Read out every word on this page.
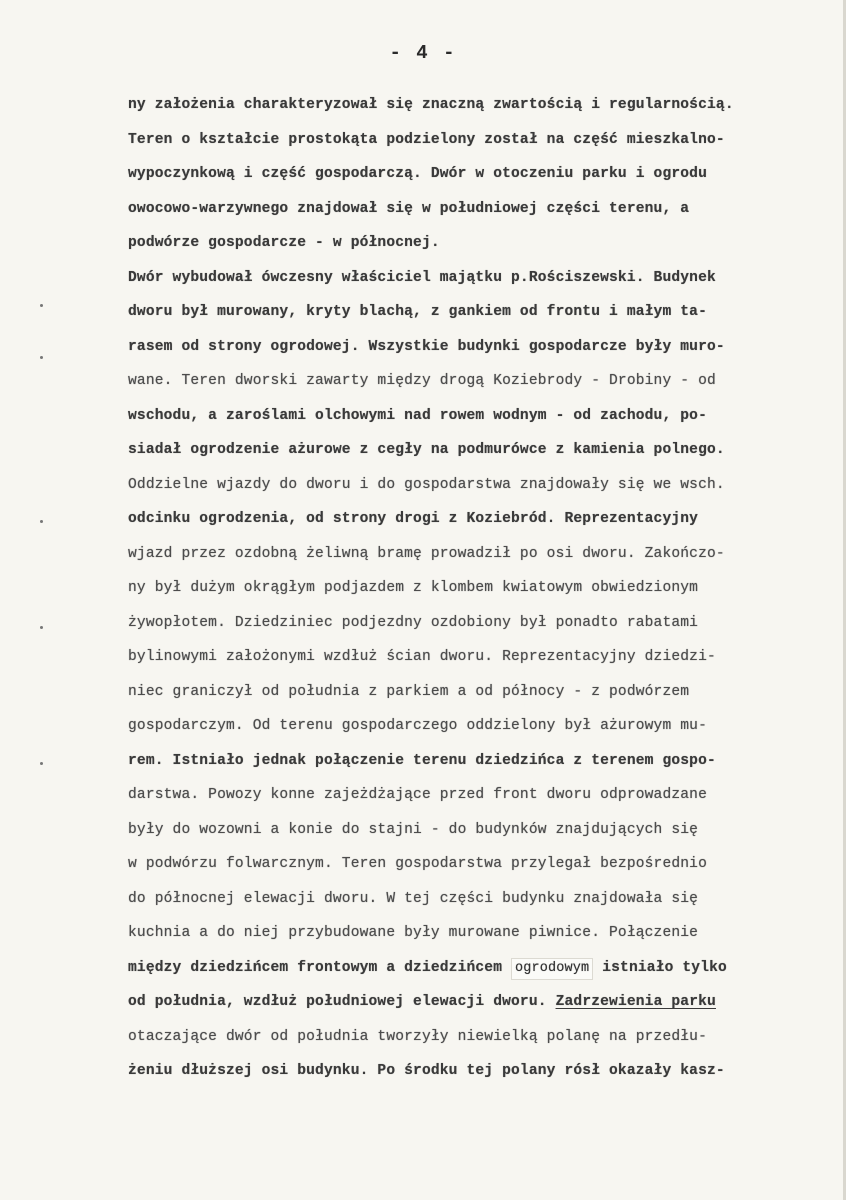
- 4 -
ny założenia charakteryzował się znaczną zwartością i regularnością.
Teren o kształcie prostokąta podzielony został na część mieszkalno-
wypoczynkową i część gospodarczą. Dwór w otoczeniu parku i ogrodu
owocowo-warzywnego znajdował się w południowej części terenu, a
podwórze gospodarcze - w północnej.
Dwór wybudował ówczesny właściciel majątku p.Rościszewski. Budynek
dworu był murowany, kryty blachą, z gankiem od frontu i małym ta-
rasem od strony ogrodowej. Wszystkie budynki gospodarcze były muro-
wane. Teren dworski zawarty między drogą Koziebrody - Drobiny - od
wschodu, a zaroślami olchowymi nad rowem wodnym - od zachodu, po-
siadał ogrodzenie ażurowe z cegły na podmurówce z kamienia polnego.
Oddzielne wjazdy do dworu i do gospodarstwa znajdowały się we wsch.
odcinku ogrodzenia, od strony drogi z Koziebród. Reprezentacyjny
wjazd przez ozdobną żeliwną bramę prowadził po osi dworu. Zakończo-
ny był dużym okrągłym podjazdem z klombem kwiatowym obwiedzionym
żywopłotem. Dziedziniec podjezdny ozdobiony był ponadto rabatami
bylinowymi założonymi wzdłuż ścian dworu. Reprezentacyjny dziedzi-
niec graniczył od południa z parkiem a od północy - z podwórzem
gospodarczym. Od terenu gospodarczego oddzielony był ażurowym mu-
rem. Istniało jednak połączenie terenu dziedzińca z terenem gospo-
darstwa. Powozy konne zajeżdżające przed front dworu odprowadzane
były do wozowni a konie do stajni - do budynków znajdujących się
w podwórzu folwarcznym. Teren gospodarstwa przylegał bezpośrednio
do północnej elewacji dworu. W tej części budynku znajdowała się
kuchnia a do niej przybudowane były murowane piwnice. Połączenie
między dziedzińcem frontowym a dziedzińcem ogrodowym istniało tylko
od południa, wzdłuż południowej elewacji dworu. Zadrzewienia parku
otaczające dwór od południa tworzyły niewielką polanę na przedłu-
żeniu dłuższej osi budynku. Po środku tej polany rósł okazały kasz-
